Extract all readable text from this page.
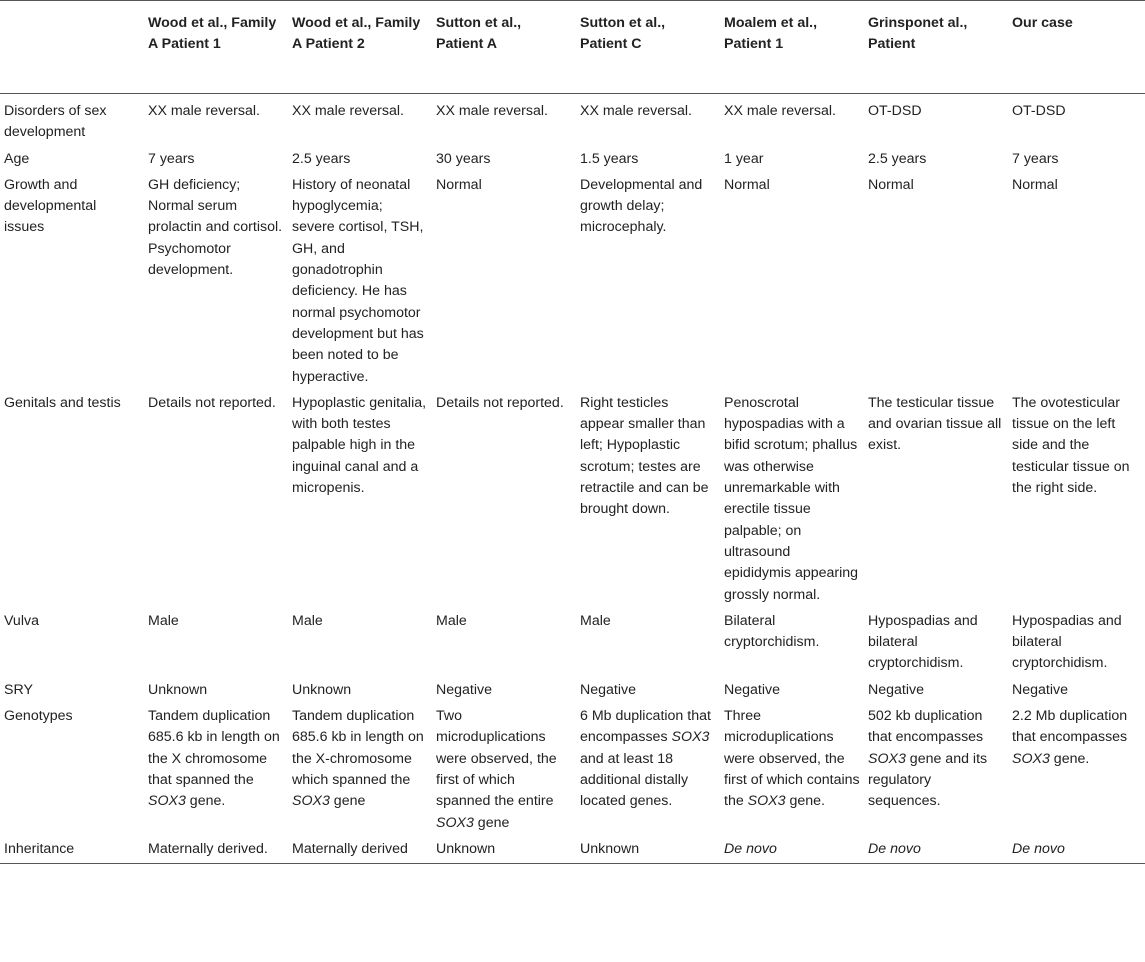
	Wood et al., Family A Patient 1	Wood et al., Family A Patient 2	Sutton et al., Patient A	Sutton et al., Patient C	Moalem et al., Patient 1	Grinsponet al., Patient	Our case
Disorders of sex development	XX male reversal.	XX male reversal.	XX male reversal.	XX male reversal.	XX male reversal.	OT-DSD	OT-DSD
Age	7 years	2.5 years	30 years	1.5 years	1 year	2.5 years	7 years
Growth and developmental issues	GH deficiency; Normal serum prolactin and cortisol. Psychomotor development.	History of neonatal hypoglycemia; severe cortisol, TSH, GH, and gonadotrophin deficiency. He has normal psychomotor development but has been noted to be hyperactive.	Normal	Developmental and growth delay; microcephaly.	Normal	Normal	Normal
Genitals and testis	Details not reported.	Hypoplastic genitalia, with both testes palpable high in the inguinal canal and a micropenis.	Details not reported.	Right testicles appear smaller than left; Hypoplastic scrotum; testes are retractile and can be brought down.	Penoscrotal hypospadias with a bifid scrotum; phallus was otherwise unremarkable with erectile tissue palpable; on ultrasound epididymis appearing grossly normal.	The testicular tissue and ovarian tissue all exist.	The ovotesticular tissue on the left side and the testicular tissue on the right side.
Vulva	Male	Male	Male	Male	Bilateral cryptorchidism.	Hypospadias and bilateral cryptorchidism.	Hypospadias and bilateral cryptorchidism.
SRY	Unknown	Unknown	Negative	Negative	Negative	Negative	Negative
Genotypes	Tandem duplication 685.6 kb in length on the X chromosome that spanned the SOX3 gene.	Tandem duplication 685.6 kb in length on the X-chromosome which spanned the SOX3 gene	Two microduplications were observed, the first of which spanned the entire SOX3 gene	6 Mb duplication that encompasses SOX3 and at least 18 additional distally located genes.	Three microduplications were observed, the first of which contains the SOX3 gene.	502 kb duplication that encompasses SOX3 gene and its regulatory sequences.	2.2 Mb duplication that encompasses SOX3 gene.
Inheritance	Maternally derived.	Maternally derived	Unknown	Unknown	De novo	De novo	De novo
